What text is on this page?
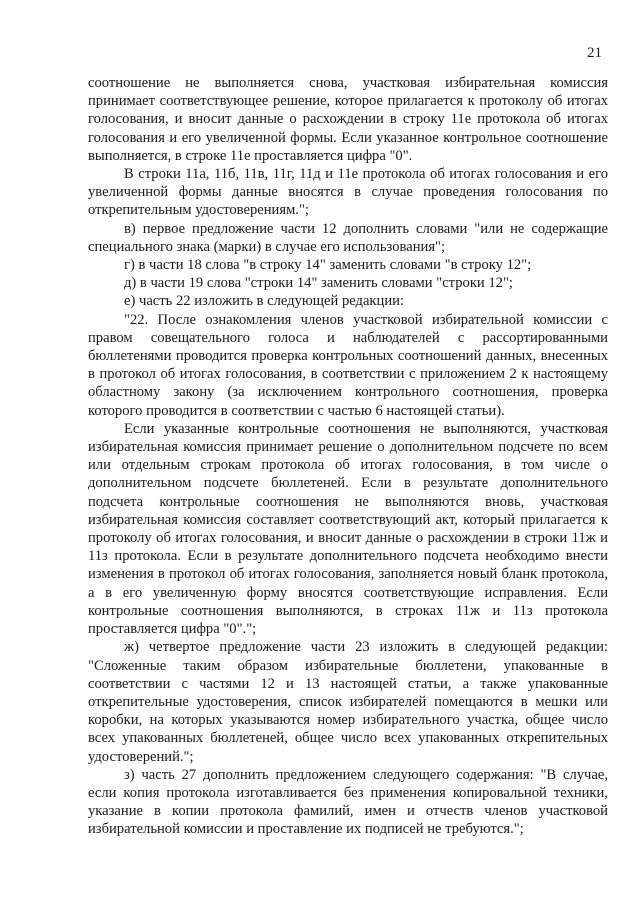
21

соотношение не выполняется снова, участковая избирательная комиссия принимает соответствующее решение, которое прилагается к протоколу об итогах голосования, и вносит данные о расхождении в строку 11е протокола об итогах голосования и его увеличенной формы. Если указанное контрольное соотношение выполняется, в строке 11е проставляется цифра "0".

В строки 11а, 11б, 11в, 11г, 11д и 11е протокола об итогах голосования и его увеличенной формы данные вносятся в случае проведения голосования по открепительным удостоверениям.";

в) первое предложение части 12 дополнить словами "или не содержащие специального знака (марки) в случае его использования";

г) в части 18 слова "в строку 14" заменить словами "в строку 12";

д) в части 19 слова "строки 14" заменить словами "строки 12";

е) часть 22 изложить в следующей редакции:

"22. После ознакомления членов участковой избирательной комиссии с правом совещательного голоса и наблюдателей с рассортированными бюллетенями проводится проверка контрольных соотношений данных, внесенных в протокол об итогах голосования, в соответствии с приложением 2 к настоящему областному закону (за исключением контрольного соотношения, проверка которого проводится в соответствии с частью 6 настоящей статьи).

Если указанные контрольные соотношения не выполняются, участковая избирательная комиссия принимает решение о дополнительном подсчете по всем или отдельным строкам протокола об итогах голосования, в том числе о дополнительном подсчете бюллетеней. Если в результате дополнительного подсчета контрольные соотношения не выполняются вновь, участковая избирательная комиссия составляет соответствующий акт, который прилагается к протоколу об итогах голосования, и вносит данные о расхождении в строки 11ж и 11з протокола. Если в результате дополнительного подсчета необходимо внести изменения в протокол об итогах голосования, заполняется новый бланк протокола, а в его увеличенную форму вносятся соответствующие исправления. Если контрольные соотношения выполняются, в строках 11ж и 11з протокола проставляется цифра "0".";

ж) четвертое предложение части 23 изложить в следующей редакции: "Сложенные таким образом избирательные бюллетени, упакованные в соответствии с частями 12 и 13 настоящей статьи, а также упакованные открепительные удостоверения, список избирателей помещаются в мешки или коробки, на которых указываются номер избирательного участка, общее число всех упакованных бюллетеней, общее число всех упакованных открепительных удостоверений.";

з) часть 27 дополнить предложением следующего содержания: "В случае, если копия протокола изготавливается без применения копировальной техники, указание в копии протокола фамилий, имен и отчеств членов участковой избирательной комиссии и проставление их подписей не требуются.";
